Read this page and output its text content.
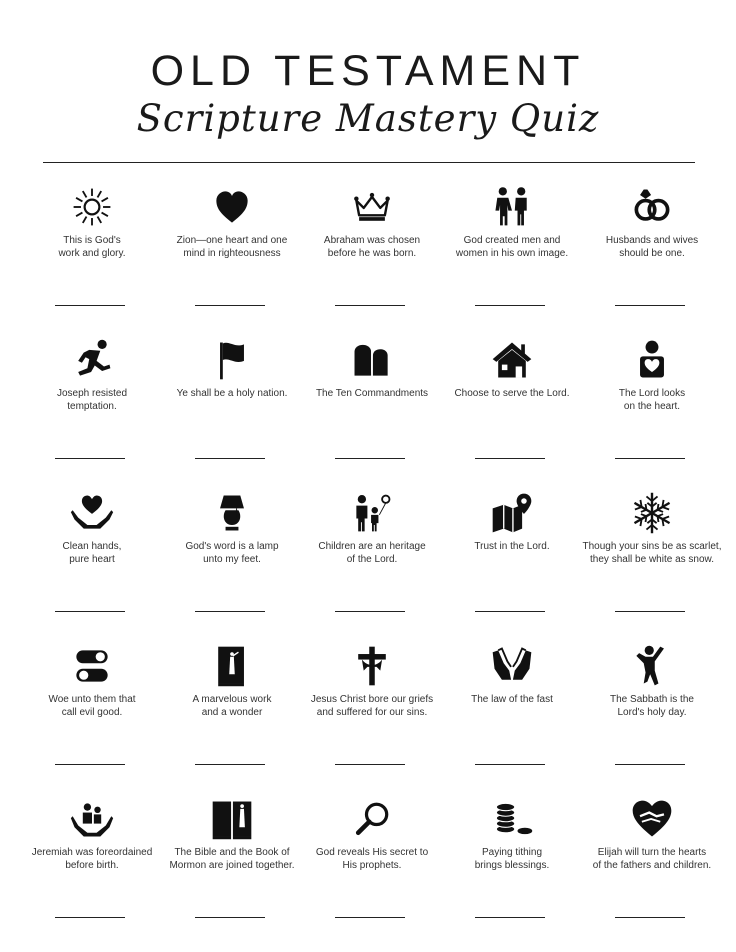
OLD TESTAMENT
Scripture Mastery Quiz
This is God's
work and glory.
Zion—one heart and one
mind in righteousness
Abraham was chosen
before he was born.
God created men and
women in his own image.
Husbands and wives
should be one.
Joseph resisted
temptation.
Ye shall be a holy nation.	The Ten Commandments	Choose to serve the Lord.	The Lord looks
on the heart.
Clean hands,
pure heart
God's word is a lamp
unto my feet.
Children are an heritage
of the Lord.
Trust in the Lord.	Though your sins be as scarlet,
they shall be white as snow.
Woe unto them that
call evil good.
A marvelous work
and a wonder
Jesus Christ bore our griefs
and suffered for our sins.
The law of the fast	The Sabbath is the
Lord's holy day.
Jeremiah was foreordained
before birth.
The Bible and the Book of
Mormon are joined together.
God reveals His secret to
His prophets.
Paying tithing
brings blessings.
Elijah will turn the hearts
of the fathers and children.
